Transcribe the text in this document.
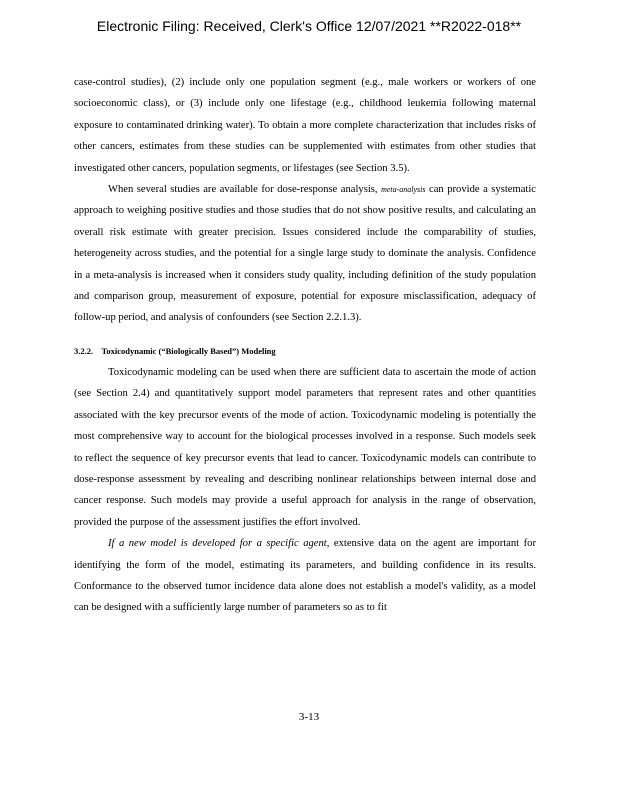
Electronic Filing: Received, Clerk's Office 12/07/2021 **R2022-018**

case-control studies), (2) include only one population segment (e.g., male workers or workers of one socioeconomic class), or (3) include only one lifestage (e.g., childhood leukemia following maternal exposure to contaminated drinking water). To obtain a more complete characterization that includes risks of other cancers, estimates from these studies can be supplemented with estimates from other studies that investigated other cancers, population segments, or lifestages (see Section 3.5).

When several studies are available for dose-response analysis, meta-analysis can provide a systematic approach to weighing positive studies and those studies that do not show positive results, and calculating an overall risk estimate with greater precision. Issues considered include the comparability of studies, heterogeneity across studies, and the potential for a single large study to dominate the analysis. Confidence in a meta-analysis is increased when it considers study quality, including definition of the study population and comparison group, measurement of exposure, potential for exposure misclassification, adequacy of follow-up period, and analysis of confounders (see Section 2.2.1.3).

3.2.2. Toxicodynamic (“Biologically Based”) Modeling

Toxicodynamic modeling can be used when there are sufficient data to ascertain the mode of action (see Section 2.4) and quantitatively support model parameters that represent rates and other quantities associated with the key precursor events of the mode of action. Toxicodynamic modeling is potentially the most comprehensive way to account for the biological processes involved in a response. Such models seek to reflect the sequence of key precursor events that lead to cancer. Toxicodynamic models can contribute to dose-response assessment by revealing and describing nonlinear relationships between internal dose and cancer response. Such models may provide a useful approach for analysis in the range of observation, provided the purpose of the assessment justifies the effort involved.

If a new model is developed for a specific agent, extensive data on the agent are important for identifying the form of the model, estimating its parameters, and building confidence in its results. Conformance to the observed tumor incidence data alone does not establish a model's validity, as a model can be designed with a sufficiently large number of parameters so as to fit

3-13
